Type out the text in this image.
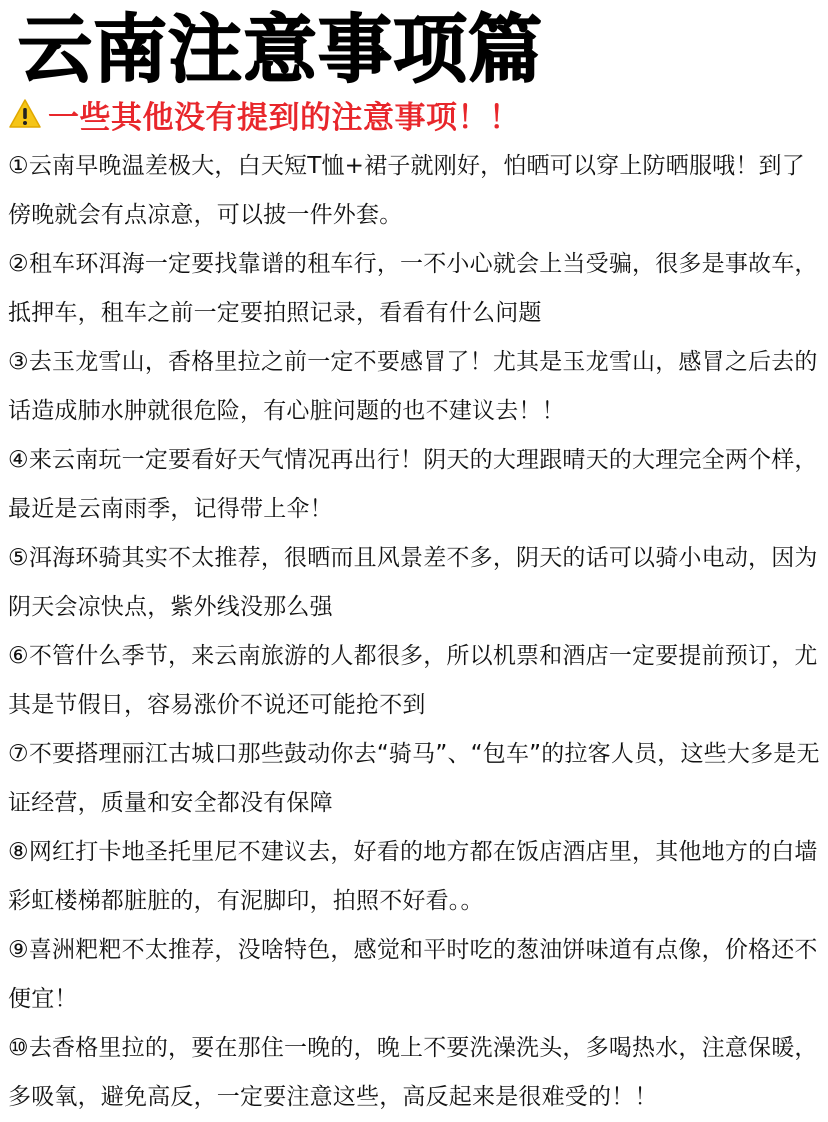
云南注意事项篇
一些其他没有提到的注意事项！！
①云南早晚温差极大，白天短T恤+裙子就刚好，怕晒可以穿上防晒服哦！到了傍晚就会有点凉意，可以披一件外套。
②租车环洱海一定要找靠谱的租车行，一不小心就会上当受骗，很多是事故车，抵押车，租车之前一定要拍照记录，看看有什么问题
③去玉龙雪山，香格里拉之前一定不要感冒了！尤其是玉龙雪山，感冒之后去的话造成肺水肿就很危险，有心脏问题的也不建议去！！
④来云南玩一定要看好天气情况再出行！阴天的大理跟晴天的大理完全两个样，最近是云南雨季，记得带上伞！
⑤洱海环骑其实不太推荐，很晒而且风景差不多，阴天的话可以骑小电动，因为阴天会凉快点，紫外线没那么强
⑥不管什么季节，来云南旅游的人都很多，所以机票和酒店一定要提前预订，尤其是节假日，容易涨价不说还可能抢不到
⑦不要搭理丽江古城口那些鼓动你去“骑马”、“包车”的拉客人员，这些大多是无证经营，质量和安全都没有保障
⑧网红打卡地圣托里尼不建议去，好看的地方都在饭店酒店里，其他地方的白墙彩虹楼梯都脏脏的，有泥脚印，拍照不好看。。
⑨喜洲粑粑不太推荐，没啥特色，感觉和平时吃的葱油饼味道有点像，价格还不便宜！
⑩去香格里拉的，要在那住一晚的，晚上不要洗澡洗头，多喝热水，注意保暖，多吸氧，避免高反，一定要注意这些，高反起来是很难受的！！
